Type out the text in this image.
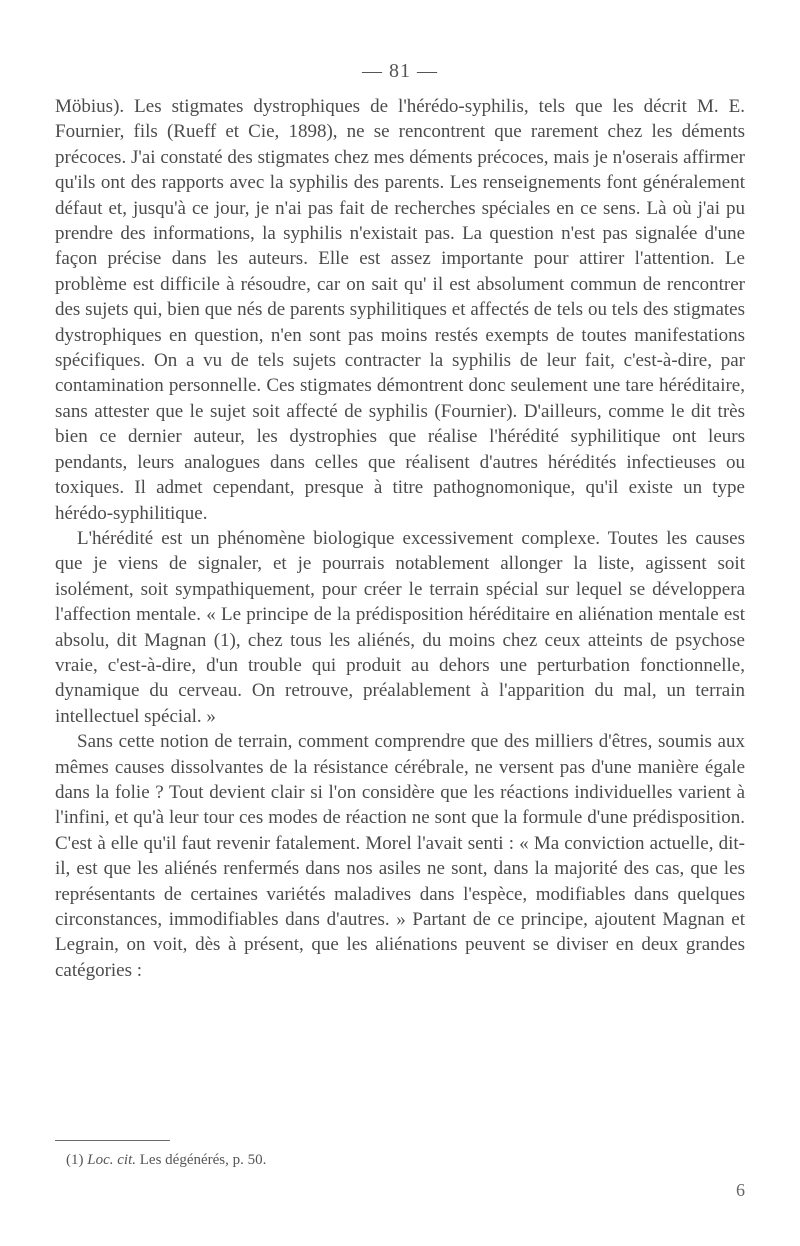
— 81 —

Möbius). Les stigmates dystrophiques de l'hérédo-syphilis, tels que les décrit M. E. Fournier, fils (Rueff et Cie, 1898), ne se rencontrent que rarement chez les déments précoces. J'ai constaté des stigmates chez mes déments précoces, mais je n'oserais affirmer qu'ils ont des rapports avec la syphilis des parents. Les renseignements font généralement défaut et, jusqu'à ce jour, je n'ai pas fait de recherches spéciales en ce sens. Là où j'ai pu prendre des informations, la syphilis n'existait pas. La question n'est pas signalée d'une façon précise dans les auteurs. Elle est assez importante pour attirer l'attention. Le problème est difficile à résoudre, car on sait qu' il est absolument commun de rencontrer des sujets qui, bien que nés de parents syphilitiques et affectés de tels ou tels des stigmates dystrophiques en question, n'en sont pas moins restés exempts de toutes manifestations spécifiques. On a vu de tels sujets contracter la syphilis de leur fait, c'est-à-dire, par contamination personnelle. Ces stigmates démontrent donc seulement une tare héréditaire, sans attester que le sujet soit affecté de syphilis (Fournier). D'ailleurs, comme le dit très bien ce dernier auteur, les dystrophies que réalise l'hérédité syphilitique ont leurs pendants, leurs analogues dans celles que réalisent d'autres hérédités infectieuses ou toxiques. Il admet cependant, presque à titre pathognomonique, qu'il existe un type hérédo-syphilitique.

L'hérédité est un phénomène biologique excessivement complexe. Toutes les causes que je viens de signaler, et je pourrais notablement allonger la liste, agissent soit isolément, soit sympathiquement, pour créer le terrain spécial sur lequel se développera l'affection mentale. « Le principe de la prédisposition héréditaire en aliénation mentale est absolu, dit Magnan (1), chez tous les aliénés, du moins chez ceux atteints de psychose vraie, c'est-à-dire, d'un trouble qui produit au dehors une perturbation fonctionnelle, dynamique du cerveau. On retrouve, préalablement à l'apparition du mal, un terrain intellectuel spécial. »

Sans cette notion de terrain, comment comprendre que des milliers d'êtres, soumis aux mêmes causes dissolvantes de la résistance cérébrale, ne versent pas d'une manière égale dans la folie ? Tout devient clair si l'on considère que les réactions individuelles varient à l'infini, et qu'à leur tour ces modes de réaction ne sont que la formule d'une prédisposition. C'est à elle qu'il faut revenir fatalement. Morel l'avait senti : « Ma conviction actuelle, dit-il, est que les aliénés renfermés dans nos asiles ne sont, dans la majorité des cas, que les représentants de certaines variétés maladives dans l'espèce, modifiables dans quelques circonstances, immodifiables dans d'autres. » Partant de ce principe, ajoutent Magnan et Legrain, on voit, dès à présent, que les aliénations peuvent se diviser en deux grandes catégories :

(1) Loc. cit. Les dégénérés, p. 50.
6
